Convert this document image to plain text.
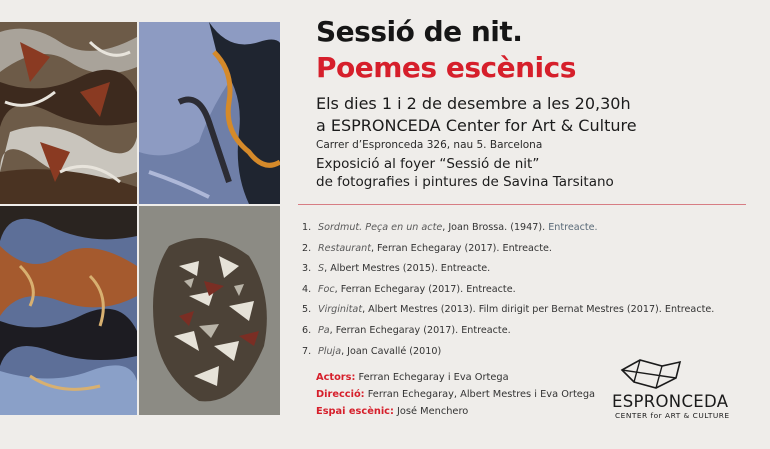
Sessió de nit.
Poemes escènics
Els dies 1 i 2 de desembre a les 20,30h
a ESPRONCEDA Center for Art & Culture
Carrer d’Espronceda 326, nau 5. Barcelona
Exposició al foyer “Sessió de nit”
de fotografies i pintures de Savina Tarsitano
1. Sordmut. Peça en un acte, Joan Brossa. (1947). Entreacte.
2. Restaurant, Ferran Echegaray (2017). Entreacte.
3. S, Albert Mestres (2015). Entreacte.
4. Foc, Ferran Echegaray (2017). Entreacte.
5. Virginitat, Albert Mestres (2013). Film dirigit per Bernat Mestres (2017). Entreacte.
6. Pa, Ferran Echegaray (2017). Entreacte.
7. Pluja, Joan Cavallé (2010)
Actors: Ferran Echegaray i Eva Ortega
Direcció: Ferran Echegaray, Albert Mestres i Eva Ortega
Espai escènic: José Menchero
ESPRONCEDA
CENTER for ART & CULTURE
